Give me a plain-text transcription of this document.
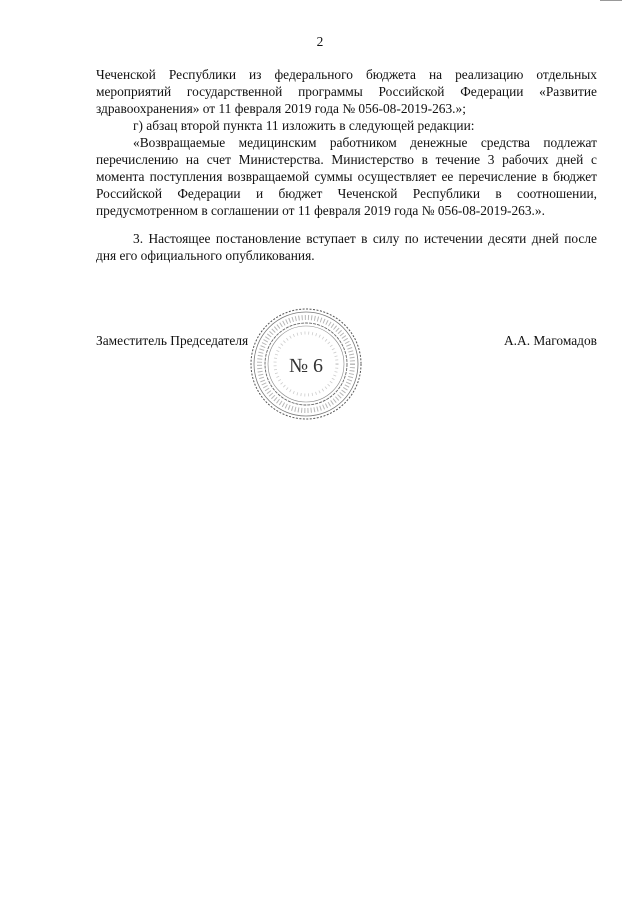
2

Чеченской Республики из федерального бюджета на реализацию отдельных мероприятий государственной программы Российской Федерации «Развитие здравоохранения» от 11 февраля 2019 года № 056-08-2019-263.»;

г) абзац второй пункта 11 изложить в следующей редакции:

«Возвращаемые медицинским работником денежные средства подлежат перечислению на счет Министерства. Министерство в течение 3 рабочих дней с момента поступления возвращаемой суммы осуществляет ее перечисление в бюджет Российской Федерации и бюджет Чеченской Республики в соотношении, предусмотренном в соглашении от 11 февраля 2019 года № 056-08-2019-263.».

3. Настоящее постановление вступает в силу по истечении десяти дней после дня его официального опубликования.

Заместитель Председателя	А.А. Магомадов
№ 6
